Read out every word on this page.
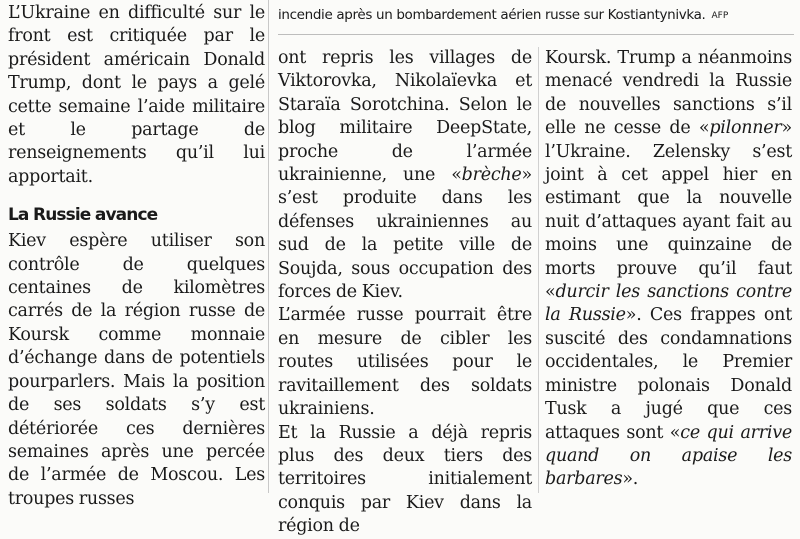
incendie après un bombardement aérien russe sur Kostiantynivka. AFP

L’Ukraine en difficulté sur le front est critiquée par le président américain Donald Trump, dont le pays a gelé cette semaine l’aide militaire et le partage de renseignements qu’il lui apportait.

La Russie avance

Kiev espère utiliser son contrôle de quelques centaines de kilomètres carrés de la région russe de Koursk comme monnaie d’échange dans de potentiels pourparlers. Mais la position de ses soldats s’y est détériorée ces dernières semaines après une percée de l’armée de Moscou. Les troupes russes

ont repris les villages de Viktorovka, Nikolaïevka et Staraïa Sorotchina. Selon le blog militaire DeepState, proche de l’armée ukrainienne, une «brèche» s’est produite dans les défenses ukrainiennes au sud de la petite ville de Soujda, sous occupation des forces de Kiev.

L’armée russe pourrait être en mesure de cibler les routes utilisées pour le ravitaillement des soldats ukrainiens.

Et la Russie a déjà repris plus des deux tiers des territoires initialement conquis par Kiev dans la région de

Koursk. Trump a néanmoins menacé vendredi la Russie de nouvelles sanctions s’il elle ne cesse de «pilonner» l’Ukraine. Zelensky s’est joint à cet appel hier en estimant que la nouvelle nuit d’attaques ayant fait au moins une quinzaine de morts prouve qu’il faut «durcir les sanctions contre la Russie». Ces frappes ont suscité des condamnations occidentales, le Premier ministre polonais Donald Tusk a jugé que ces attaques sont «ce qui arrive quand on apaise les barbares».
